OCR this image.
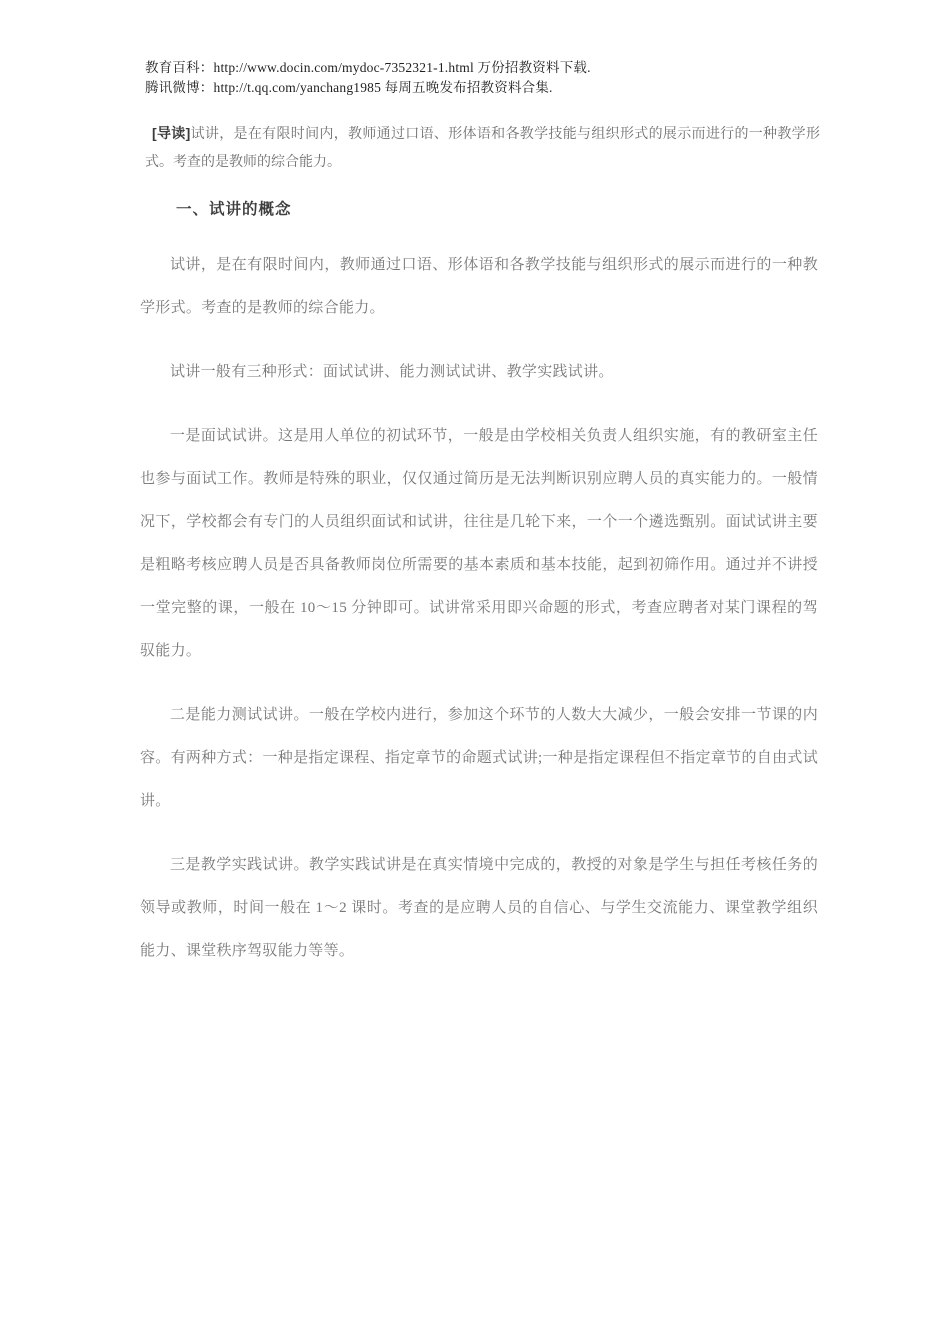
教育百科：http://www.docin.com/mydoc-7352321-1.html 万份招教资料下载.
腾讯微博：http://t.qq.com/yanchang1985 每周五晚发布招教资料合集.

[导读]试讲，是在有限时间内，教师通过口语、形体语和各教学技能与组织形式的展示而进行的一种教学形式。考查的是教师的综合能力。

一、试讲的概念

试讲，是在有限时间内，教师通过口语、形体语和各教学技能与组织形式的展示而进行的一种教学形式。考查的是教师的综合能力。

试讲一般有三种形式：面试试讲、能力测试试讲、教学实践试讲。

一是面试试讲。这是用人单位的初试环节，一般是由学校相关负责人组织实施，有的教研室主任也参与面试工作。教师是特殊的职业，仅仅通过简历是无法判断识别应聘人员的真实能力的。一般情况下，学校都会有专门的人员组织面试和试讲，往往是几轮下来，一个一个遴选甄别。面试试讲主要是粗略考核应聘人员是否具备教师岗位所需要的基本素质和基本技能，起到初筛作用。通过并不讲授一堂完整的课，一般在 10～15 分钟即可。试讲常采用即兴命题的形式，考查应聘者对某门课程的驾驭能力。

二是能力测试试讲。一般在学校内进行，参加这个环节的人数大大减少，一般会安排一节课的内容。有两种方式：一种是指定课程、指定章节的命题式试讲;一种是指定课程但不指定章节的自由式试讲。

三是教学实践试讲。教学实践试讲是在真实情境中完成的，教授的对象是学生与担任考核任务的领导或教师，时间一般在 1～2 课时。考查的是应聘人员的自信心、与学生交流能力、课堂教学组织能力、课堂秩序驾驭能力等等。
